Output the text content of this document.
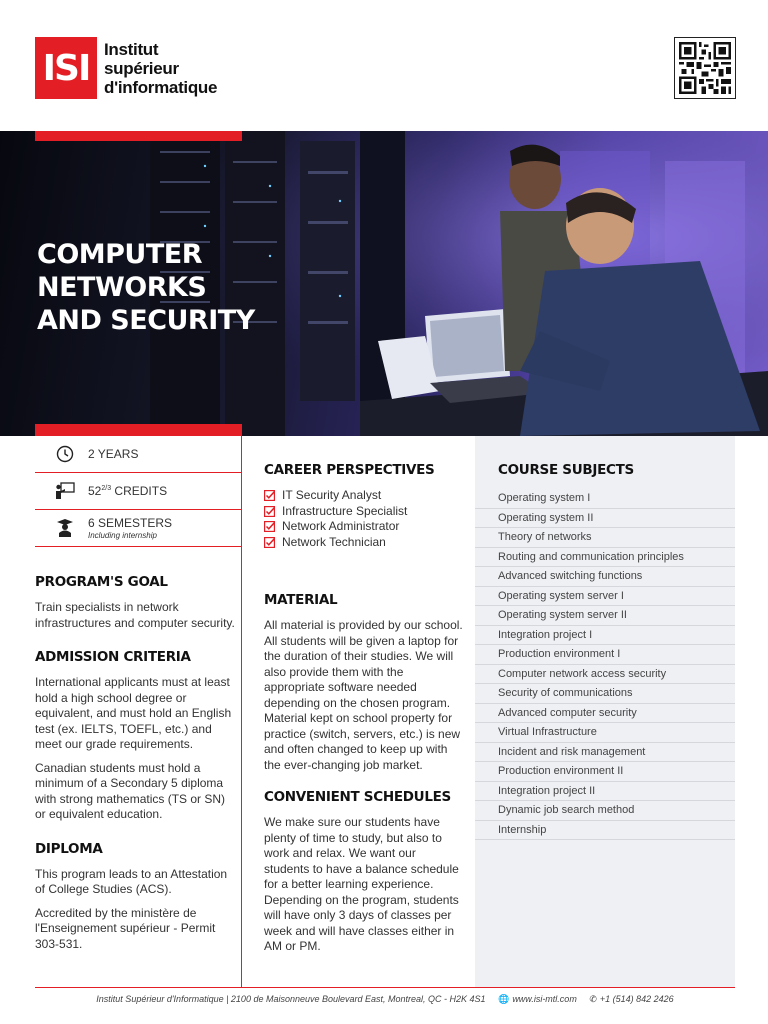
ISI Institut
supérieur
d'informatique
COMPUTER
NETWORKS
AND SECURITY
2 YEARS
$52^{2/3}$ CREDITS
6 SEMESTERS
Including internship
PROGRAM'S GOAL
Train specialists in network infrastructures and computer security.
ADMISSION CRITERIA
International applicants must at least hold a high school degree or equivalent, and must hold an English test (ex. IELTS, TOEFL, etc.) and meet our grade requirements.
Canadian students must hold a minimum of a Secondary 5 diploma with strong mathematics (TS or SN) or equivalent education.
DIPLOMA
This program leads to an Attestation of College Studies (ACS).
Accredited by the ministère de l'Enseignement supérieur - Permit 303-531.
CAREER PERSPECTIVES
IT Security Analyst
Infrastructure Specialist
Network Administrator
Network Technician
MATERIAL
All material is provided by our school. All students will be given a laptop for the duration of their studies. We will also provide them with the appropriate software needed depending on the chosen program. Material kept on school property for practice (switch, servers, etc.) is new and often changed to keep up with the ever-changing job market.
CONVENIENT SCHEDULES
We make sure our students have plenty of time to study, but also to work and relax. We want our students to have a balance schedule for a better learning experience. Depending on the program, students will have only 3 days of classes per week and will have classes either in AM or PM.
COURSE SUBJECTS
Operating system I
Operating system II
Theory of networks
Routing and communication principles
Advanced switching functions
Operating system server I
Operating system server II
Integration project I
Production environment I
Computer network access security
Security of communications
Advanced computer security
Virtual Infrastructure
Incident and risk management
Production environment II
Integration project II
Dynamic job search method
Internship
Institut Supérieur d'Informatique | 2100 de Maisonneuve Boulevard East, Montreal, QC - H2K 4S1 🌐 www.isi-mtl.com ✆ +1 (514) 842 2426
